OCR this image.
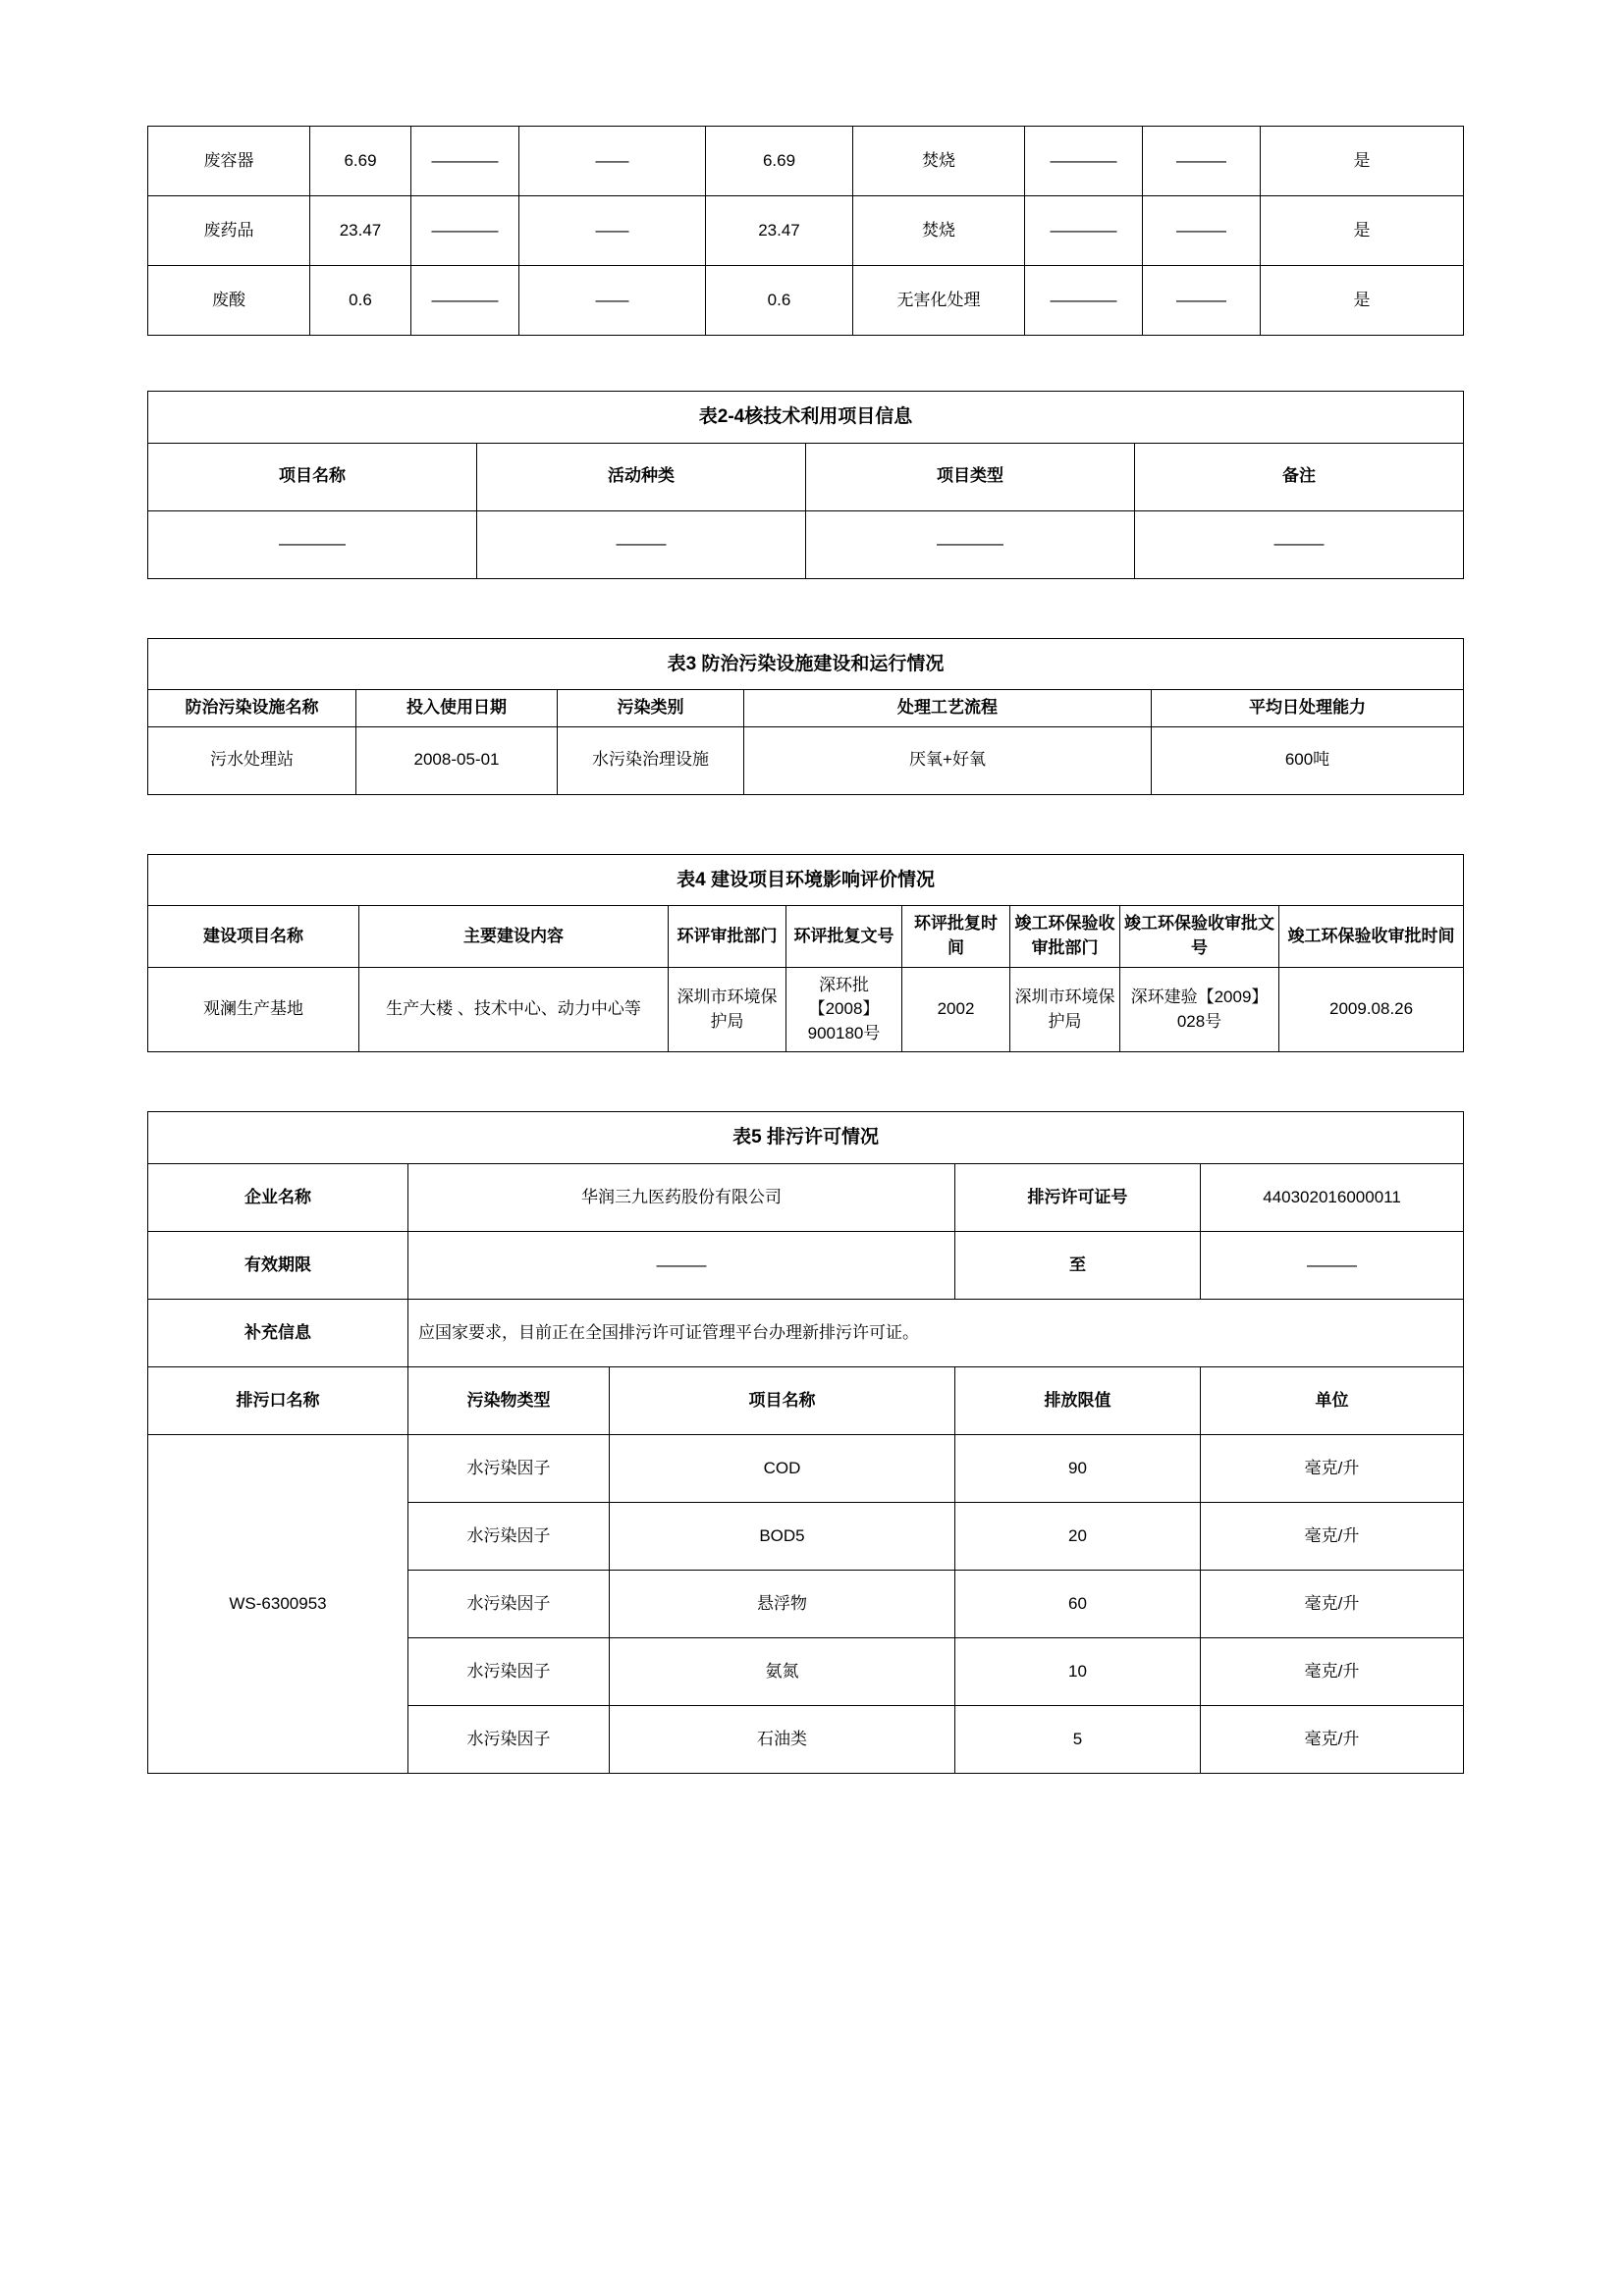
废容器	6.69	————	——	6.69	焚烧	————	———	是
废药品	23.47	————	——	23.47	焚烧	————	———	是
废酸	0.6	————	——	0.6	无害化处理	————	———	是
表2-4核技术利用项目信息			
项目名称	活动种类	项目类型	备注
————	———	————	———
表3 防治污染设施建设和运行情况				
防治污染设施名称	投入使用日期	污染类别	处理工艺流程	平均日处理能力
污水处理站	2008-05-01	水污染治理设施	厌氧+好氧	600吨
表4 建设项目环境影响评价情况							
建设项目名称	主要建设内容	环评审批部门	环评批复文号	环评批复时间	竣工环保验收审批部门	竣工环保验收审批文号	竣工环保验收审批时间
观澜生产基地	生产大楼 、技术中心、动力中心等	深圳市环境保护局	深环批【2008】900180号	2002	深圳市环境保护局	深环建验【2009】028号	2009.08.26
表5 排污许可情况				
企业名称	华润三九医药股份有限公司		排污许可证号	440302016000011
有效期限	———		至	———
补充信息	应国家要求，目前正在全国排污许可证管理平台办理新排污许可证。			
排污口名称	污染物类型	项目名称	排放限值	单位
WS-6300953	水污染因子	COD	90	毫克/升
	水污染因子	BOD5	20	毫克/升
	水污染因子	悬浮物	60	毫克/升
	水污染因子	氨氮	10	毫克/升
	水污染因子	石油类	5	毫克/升
